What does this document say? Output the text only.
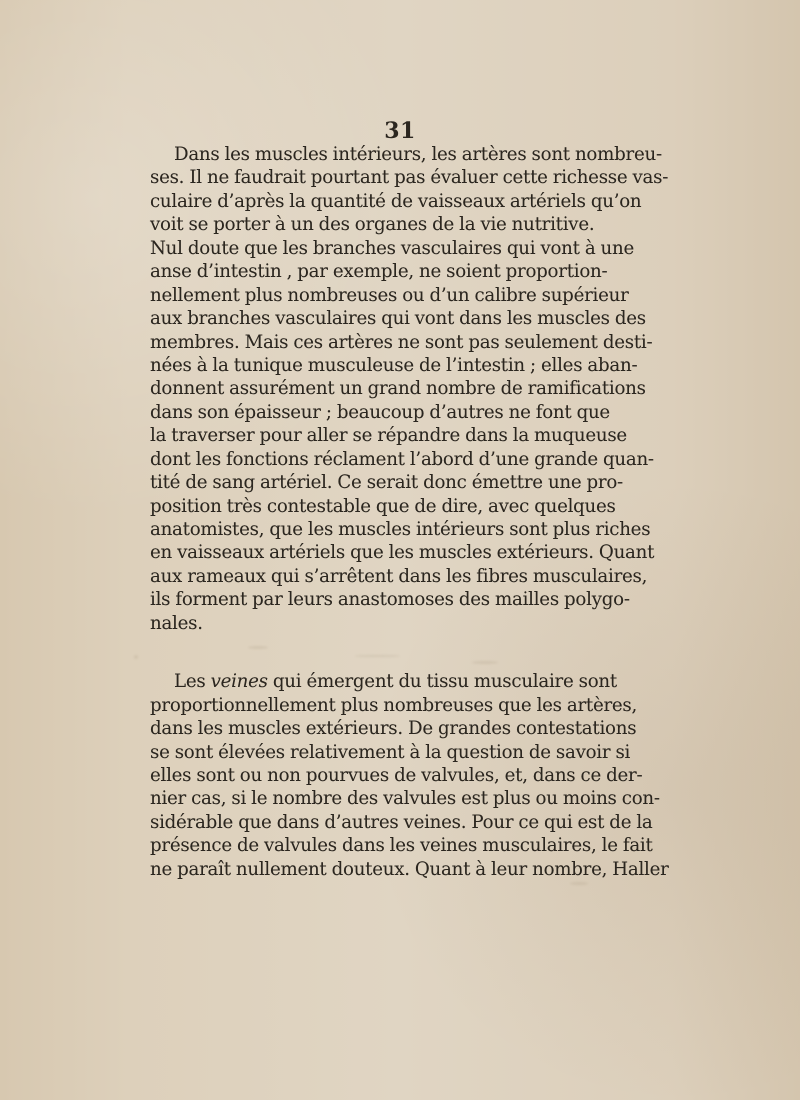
31

Dans les muscles intérieurs, les artères sont nombreu-
ses. Il ne faudrait pourtant pas évaluer cette richesse vas-
culaire d’après la quantité de vaisseaux artériels qu’on
voit se porter à un des organes de la vie nutritive.
Nul doute que les branches vasculaires qui vont à une
anse d’intestin , par exemple, ne soient proportion-
nellement plus nombreuses ou d’un calibre supérieur
aux branches vasculaires qui vont dans les muscles des
membres. Mais ces artères ne sont pas seulement desti-
nées à la tunique musculeuse de l’intestin ; elles aban-
donnent assurément un grand nombre de ramifications
dans son épaisseur ; beaucoup d’autres ne font que
la traverser pour aller se répandre dans la muqueuse
dont les fonctions réclament l’abord d’une grande quan-
tité de sang artériel. Ce serait donc émettre une pro-
position très contestable que de dire, avec quelques
anatomistes, que les muscles intérieurs sont plus riches
en vaisseaux artériels que les muscles extérieurs. Quant
aux rameaux qui s’arrêtent dans les fibres musculaires,
ils forment par leurs anastomoses des mailles polygo-
nales.

Les veines qui émergent du tissu musculaire sont
proportionnellement plus nombreuses que les artères,
dans les muscles extérieurs. De grandes contestations
se sont élevées relativement à la question de savoir si
elles sont ou non pourvues de valvules, et, dans ce der-
nier cas, si le nombre des valvules est plus ou moins con-
sidérable que dans d’autres veines. Pour ce qui est de la
présence de valvules dans les veines musculaires, le fait
ne paraît nullement douteux. Quant à leur nombre, Haller
